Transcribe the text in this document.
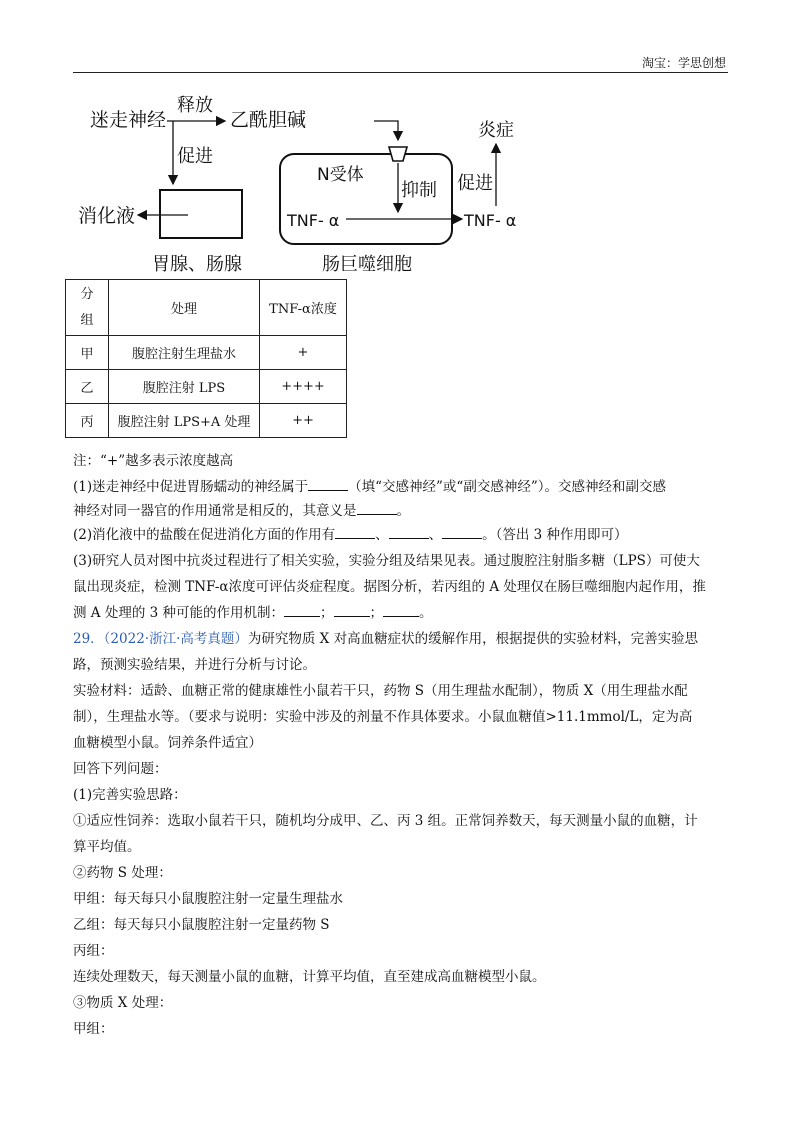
淘宝：学思创想
迷走神经
释放
乙酰胆碱
促进
消化液
胃腺、肠腺
N受体
抑制
TNF- α	TNF- α
促进
炎症
肠巨噬细胞
分
组	处理	TNF-α浓度
甲	腹腔注射生理盐水	+
乙	腹腔注射 LPS	++++
丙	腹腔注射 LPS+A 处理	++
注：“+”越多表示浓度越高
(1)迷走神经中促进胃肠蠕动的神经属于	（填“交感神经”或“副交感神经”）。交感神经和副交感
神经对同一器官的作用通常是相反的，其意义是	。
(2)消化液中的盐酸在促进消化方面的作用有	、	、	。（答出 3 种作用即可）
(3)研究人员对图中抗炎过程进行了相关实验，实验分组及结果见表。通过腹腔注射脂多糖（LPS）可使大
鼠出现炎症，检测 TNF-α浓度可评估炎症程度。据图分析，若丙组的 A 处理仅在肠巨噬细胞内起作用，推
测 A 处理的 3 种可能的作用机制：	；	；	。
29．（2022·浙江·高考真题）为研究物质 X 对高血糖症状的缓解作用，根据提供的实验材料，完善实验思
路，预测实验结果，并进行分析与讨论。
实验材料：适龄、血糖正常的健康雄性小鼠若干只，药物 S（用生理盐水配制），物质 X（用生理盐水配
制），生理盐水等。（要求与说明：实验中涉及的剂量不作具体要求。小鼠血糖值>11.1mmol/L，定为高
血糖模型小鼠。饲养条件适宜）
回答下列问题：
(1)完善实验思路：
①适应性饲养：选取小鼠若干只，随机均分成甲、乙、丙 3 组。正常饲养数天，每天测量小鼠的血糖，计
算平均值。
②药物 S 处理：
甲组：每天每只小鼠腹腔注射一定量生理盐水
乙组：每天每只小鼠腹腔注射一定量药物 S
丙组：
连续处理数天，每天测量小鼠的血糖，计算平均值，直至建成高血糖模型小鼠。
③物质 X 处理：
甲组：
